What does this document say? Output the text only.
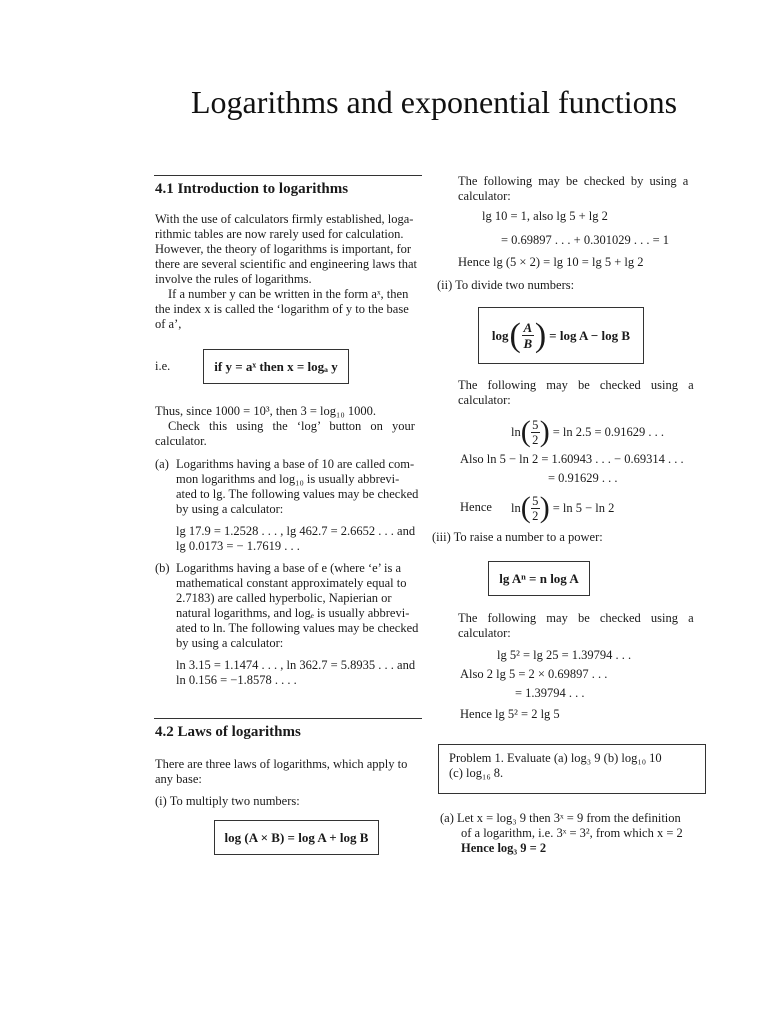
Logarithms and exponential functions
4.1 Introduction to logarithms
With the use of calculators firmly established, loga-
rithmic tables are now rarely used for calculation.
However, the theory of logarithms is important, for
there are several scientific and engineering laws that
involve the rules of logarithms.
If a number y can be written in the form aˣ, then
the index x is called the ‘logarithm of y to the base
of a’,
i.e.	if y = aˣ then x = logₐ y
Thus, since 1000 = 10³, then 3 = log₁₀ 1000.
Check this using the ‘log’ button on your
calculator.
(a) Logarithms having a base of 10 are called com-
mon logarithms and log₁₀ is usually abbrevi-
ated to lg. The following values may be checked
by using a calculator:
lg 17.9 = 1.2528 . . . , lg 462.7 = 2.6652 . . . and
lg 0.0173 = − 1.7619 . . .
(b) Logarithms having a base of e (where ‘e’ is a
mathematical constant approximately equal to
2.7183) are called hyperbolic, Napierian or
natural logarithms, and logₑ is usually abbrevi-
ated to ln. The following values may be checked
by using a calculator:
ln 3.15 = 1.1474 . . . , ln 362.7 = 5.8935 . . . and
ln 0.156 = −1.8578 . . . .
4.2 Laws of logarithms
There are three laws of logarithms, which apply to
any base:
(i) To multiply two numbers:
log (A × B) = log A + log B
The following may be checked by using a
calculator:
lg 10 = 1, also lg 5 + lg 2
= 0.69897 . . . + 0.301029 . . . = 1
Hence lg (5 × 2) = lg 10 = lg 5 + lg 2
(ii) To divide two numbers:
log ( A
B ) = log A − log B
The following may be checked using a
calculator:
ln ( 5
2 ) = ln 2.5 = 0.91629 . . .
Also ln 5 − ln 2 = 1.60943 . . . − 0.69314 . . .
= 0.91629 . . .
Hence ln ( 5
2 ) = ln 5 − ln 2
(iii) To raise a number to a power:
lg Aⁿ = n log A
The following may be checked using a
calculator:
lg 5² = lg 25 = 1.39794 . . .
Also 2 lg 5 = 2 × 0.69897 . . .
= 1.39794 . . .
Hence lg 5² = 2 lg 5
Problem 1. Evaluate (a) log₃ 9 (b) log₁₀ 10
(c) log₁₆ 8.
(a) Let x = log₃ 9 then 3ˣ = 9 from the definition
of a logarithm, i.e. 3ˣ = 3², from which x = 2
Hence log₃ 9 = 2
